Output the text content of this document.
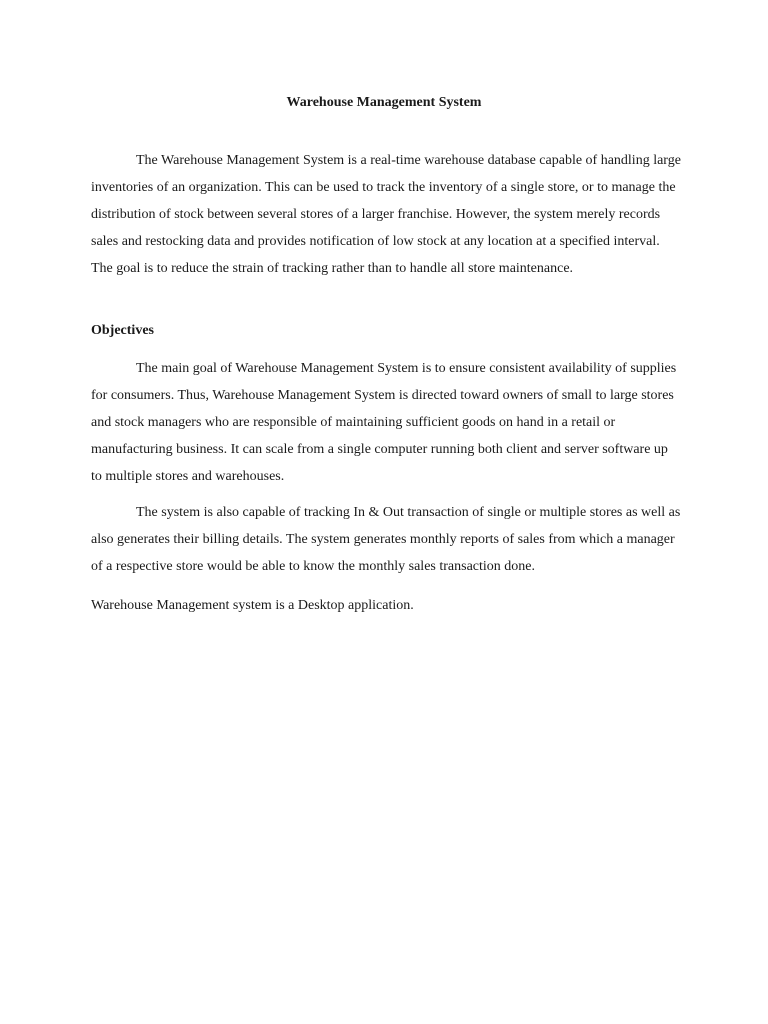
Warehouse Management System

The Warehouse Management System is a real-time warehouse database capable of handling large inventories of an organization. This can be used to track the inventory of a single store, or to manage the distribution of stock between several stores of a larger franchise. However, the system merely records sales and restocking data and provides notification of low stock at any location at a specified interval. The goal is to reduce the strain of tracking rather than to handle all store maintenance.

Objectives

The main goal of Warehouse Management System is to ensure consistent availability of supplies for consumers. Thus, Warehouse Management System is directed toward owners of small to large stores and stock managers who are responsible of maintaining sufficient goods on hand in a retail or manufacturing business. It can scale from a single computer running both client and server software up to multiple stores and warehouses.

The system is also capable of tracking In & Out transaction of single or multiple stores as well as also generates their billing details. The system generates monthly reports of sales from which a manager of a respective store would be able to know the monthly sales transaction done.

Warehouse Management system is a Desktop application.
